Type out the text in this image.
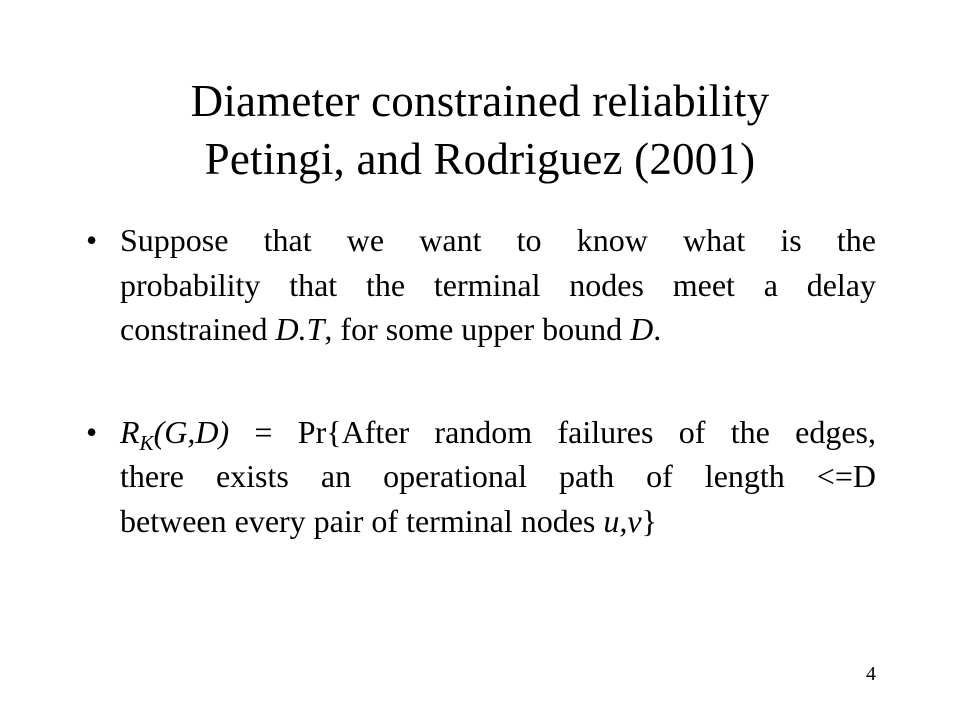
Diameter constrained reliability
Petingi, and Rodriguez (2001)
• Suppose that we want to know what is the
probability that the terminal nodes meet a delay
constrained D.T, for some upper bound D.
• $R_K(G,D)$ = Pr{After random failures of the edges,
there exists an operational path of length <=D
between every pair of terminal nodes u,v}
4
